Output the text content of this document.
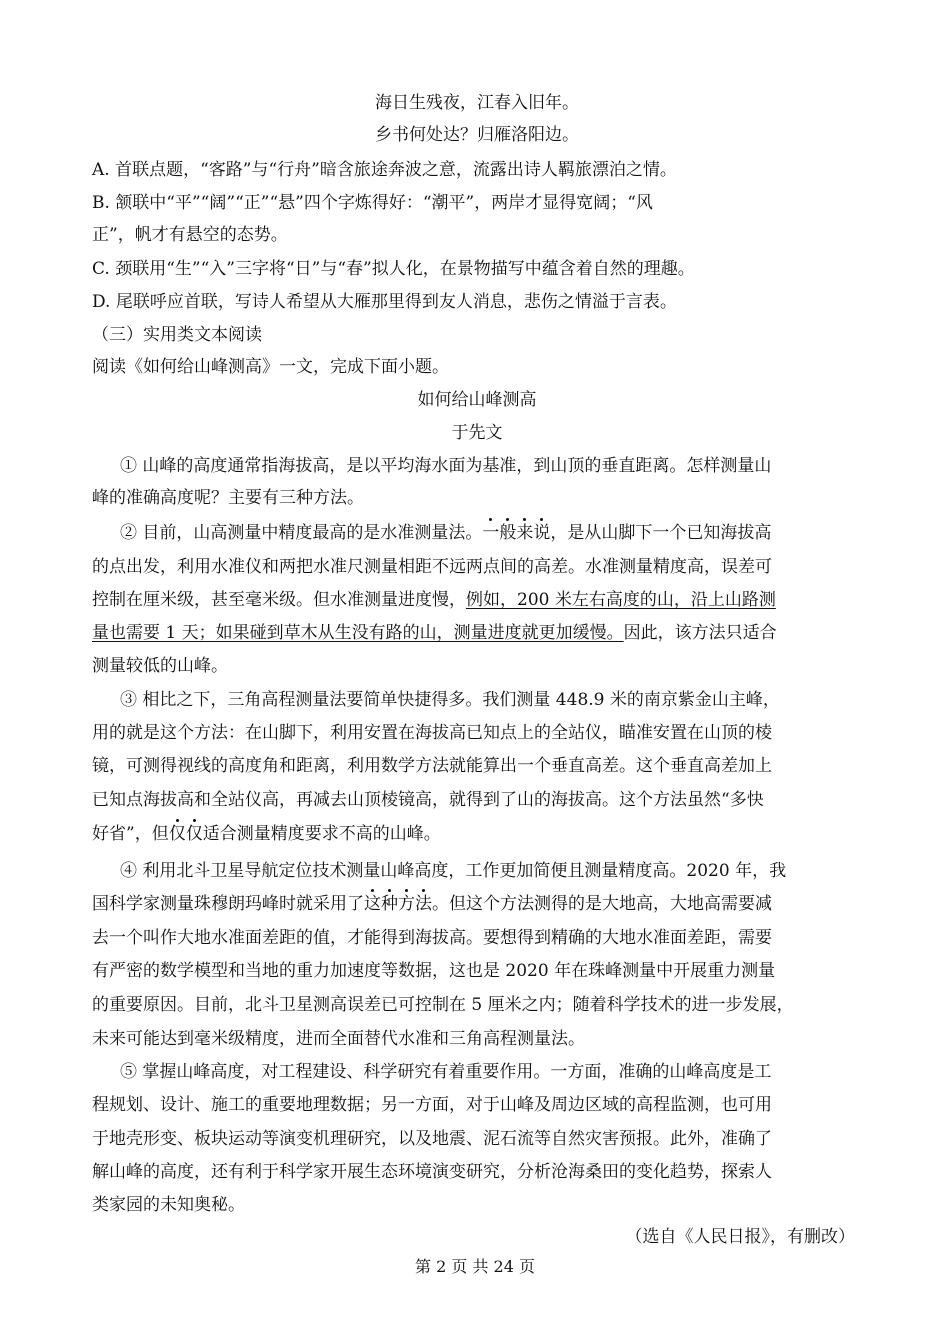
海日生残夜，江春入旧年。
乡书何处达？归雁洛阳边。
A. 首联点题，“客路”与“行舟”暗含旅途奔波之意，流露出诗人羁旅漂泊之情。
B. 颔联中“平”“阔”“正”“悬”四个字炼得好：“潮平”，两岸才显得宽阔；“风
正”，帆才有悬空的态势。
C. 颈联用“生”“入”三字将“日”与“春”拟人化，在景物描写中蕴含着自然的理趣。
D. 尾联呼应首联，写诗人希望从大雁那里得到友人消息，悲伤之情溢于言表。
（三）实用类文本阅读
阅读《如何给山峰测高》一文，完成下面小题。
如何给山峰测高
于先文
① 山峰的高度通常指海拔高，是以平均海水面为基准，到山顶的垂直距离。怎样测量山
峰的准确高度呢？主要有三种方法。
② 目前，山高测量中精度最高的是水准测量法。一般来说，是从山脚下一个已知海拔高
的点出发，利用水准仪和两把水准尺测量相距不远两点间的高差。水准测量精度高，误差可
控制在厘米级，甚至毫米级。但水准测量进度慢，例如，200 米左右高度的山，沿上山路测
量也需要 1 天；如果碰到草木从生没有路的山，测量进度就更加缓慢。因此，该方法只适合
测量较低的山峰。
③ 相比之下，三角高程测量法要简单快捷得多。我们测量 448.9 米的南京紫金山主峰，
用的就是这个方法：在山脚下，利用安置在海拔高已知点上的全站仪，瞄准安置在山顶的棱
镜，可测得视线的高度角和距离，利用数学方法就能算出一个垂直高差。这个垂直高差加上
已知点海拔高和全站仪高，再减去山顶棱镜高，就得到了山的海拔高。这个方法虽然“多快
好省”，但仅仅适合测量精度要求不高的山峰。
④ 利用北斗卫星导航定位技术测量山峰高度，工作更加简便且测量精度高。2020 年，我
国科学家测量珠穆朗玛峰时就采用了这种方法。但这个方法测得的是大地高，大地高需要减
去一个叫作大地水准面差距的值，才能得到海拔高。要想得到精确的大地水准面差距，需要
有严密的数学模型和当地的重力加速度等数据，这也是 2020 年在珠峰测量中开展重力测量
的重要原因。目前，北斗卫星测高误差已可控制在 5 厘米之内；随着科学技术的进一步发展，
未来可能达到毫米级精度，进而全面替代水准和三角高程测量法。
⑤ 掌握山峰高度，对工程建设、科学研究有着重要作用。一方面，准确的山峰高度是工
程规划、设计、施工的重要地理数据；另一方面，对于山峰及周边区域的高程监测，也可用
于地壳形变、板块运动等演变机理研究，以及地震、泥石流等自然灾害预报。此外，准确了
解山峰的高度，还有利于科学家开展生态环境演变研究，分析沧海桑田的变化趋势，探索人
类家园的未知奥秘。
（选自《人民日报》，有删改）
第 2 页 共 24 页
